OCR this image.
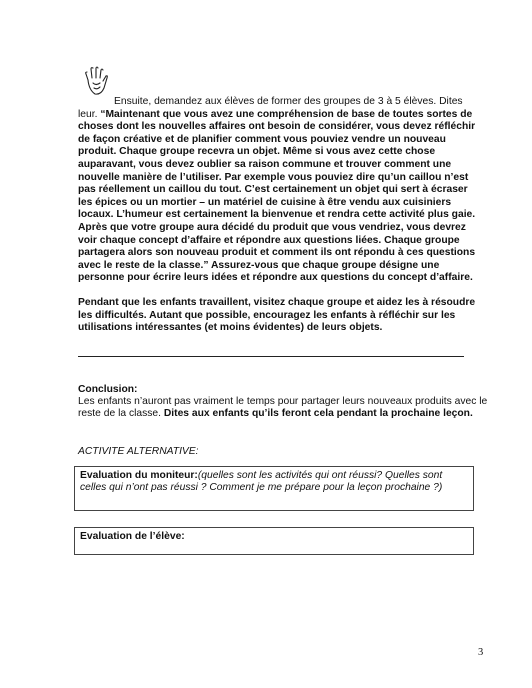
Ensuite, demandez aux élèves de former des groupes de 3 à 5 élèves. Dites leur. “Maintenant que vous avez une compréhension de base de toutes sortes de choses dont les nouvelles affaires ont besoin de considérer, vous devez réfléchir de façon créative et de planifier comment vous pouviez vendre un nouveau produit. Chaque groupe recevra un objet. Même si vous avez cette chose auparavant, vous devez oublier sa raison commune et trouver comment une nouvelle manière de l’utiliser. Par exemple vous pouviez dire qu’un caillou n’est pas réellement un caillou du tout. C’est certainement un objet qui sert à écraser les épices ou un mortier – un matériel de cuisine à être vendu aux cuisiniers locaux. L’humeur est certainement la bienvenue et rendra cette activité plus gaie. Après que votre groupe aura décidé du produit que vous vendriez, vous devrez voir chaque concept d’affaire et répondre aux questions liées. Chaque groupe partagera alors son nouveau produit et comment ils ont répondu à ces questions avec le reste de la classe.” Assurez-vous que chaque groupe désigne une personne pour écrire leurs idées et répondre aux questions du concept d’affaire.
Pendant que les enfants travaillent, visitez chaque groupe et aidez les à résoudre les difficultés. Autant que possible, encouragez les enfants à réfléchir sur les utilisations intéressantes (et moins évidentes) de leurs objets.
Conclusion:
Les enfants n’auront pas vraiment le temps pour partager leurs nouveaux produits avec le reste de la classe. Dites aux enfants qu’ils feront cela pendant la prochaine leçon.
ACTIVITE ALTERNATIVE:
Evaluation du moniteur:(quelles sont les activités qui ont réussi? Quelles sont celles qui n’ont pas réussi ? Comment je me prépare pour la leçon prochaine ?)
Evaluation de l’élève:
3
